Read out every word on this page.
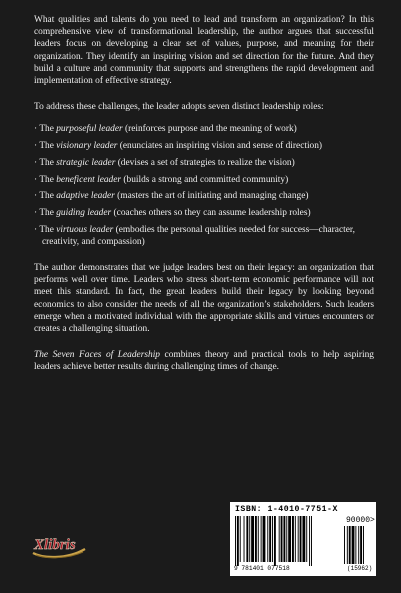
What qualities and talents do you need to lead and transform an organization? In this comprehensive view of transformational leadership, the author argues that successful leaders focus on developing a clear set of values, purpose, and meaning for their organization. They identify an inspiring vision and set direction for the future. And they build a culture and community that supports and strengthens the rapid development and implementation of effective strategy.

To address these challenges, the leader adopts seven distinct leadership roles:

· The purposeful leader (reinforces purpose and the meaning of work)
· The visionary leader (enunciates an inspiring vision and sense of direction)
· The strategic leader (devises a set of strategies to realize the vision)
· The beneficent leader (builds a strong and committed community)
· The adaptive leader (masters the art of initiating and managing change)
· The guiding leader (coaches others so they can assume leadership roles)
· The virtuous leader (embodies the personal qualities needed for success—character, creativity, and compassion)

The author demonstrates that we judge leaders best on their legacy: an organization that performs well over time. Leaders who stress short-term economic performance will not meet this standard. In fact, the great leaders build their legacy by looking beyond economics to also consider the needs of all the organization’s stakeholders. Such leaders emerge when a motivated individual with the appropriate skills and virtues encounters or creates a challenging situation.

The Seven Faces of Leadership combines theory and practical tools to help aspiring leaders achieve better results during challenging times of change.

Xlibris
ISBN: 1-4010-7751-X
90000>
9 781401 077518	(15962)
